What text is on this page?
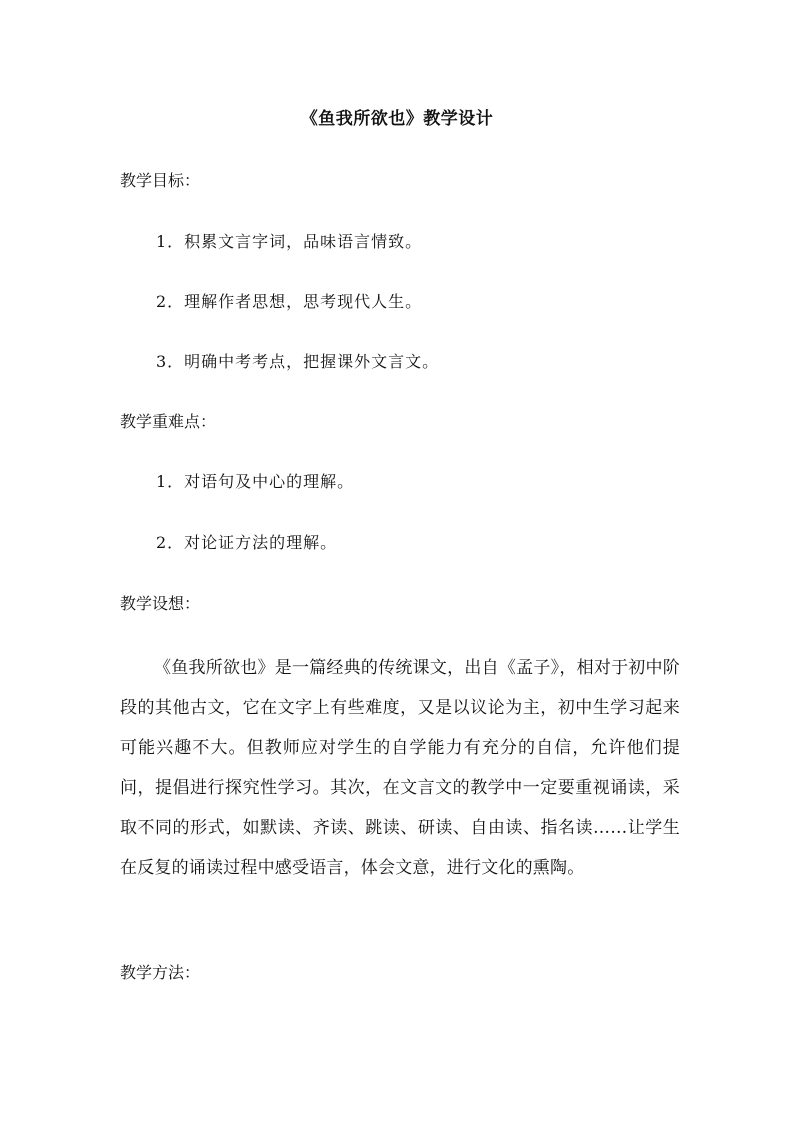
《鱼我所欲也》教学设计
教学目标：
1．积累文言字词，品味语言情致。
2．理解作者思想，思考现代人生。
3．明确中考考点，把握课外文言文。
教学重难点：
1．对语句及中心的理解。
2．对论证方法的理解。
教学设想：
《鱼我所欲也》是一篇经典的传统课文，出自《孟子》，相对于初中阶段的其他古文，它在文字上有些难度，又是以议论为主，初中生学习起来可能兴趣不大。但教师应对学生的自学能力有充分的自信，允许他们提问，提倡进行探究性学习。其次，在文言文的教学中一定要重视诵读，采取不同的形式，如默读、齐读、跳读、研读、自由读、指名读……让学生在反复的诵读过程中感受语言，体会文意，进行文化的熏陶。
教学方法：
